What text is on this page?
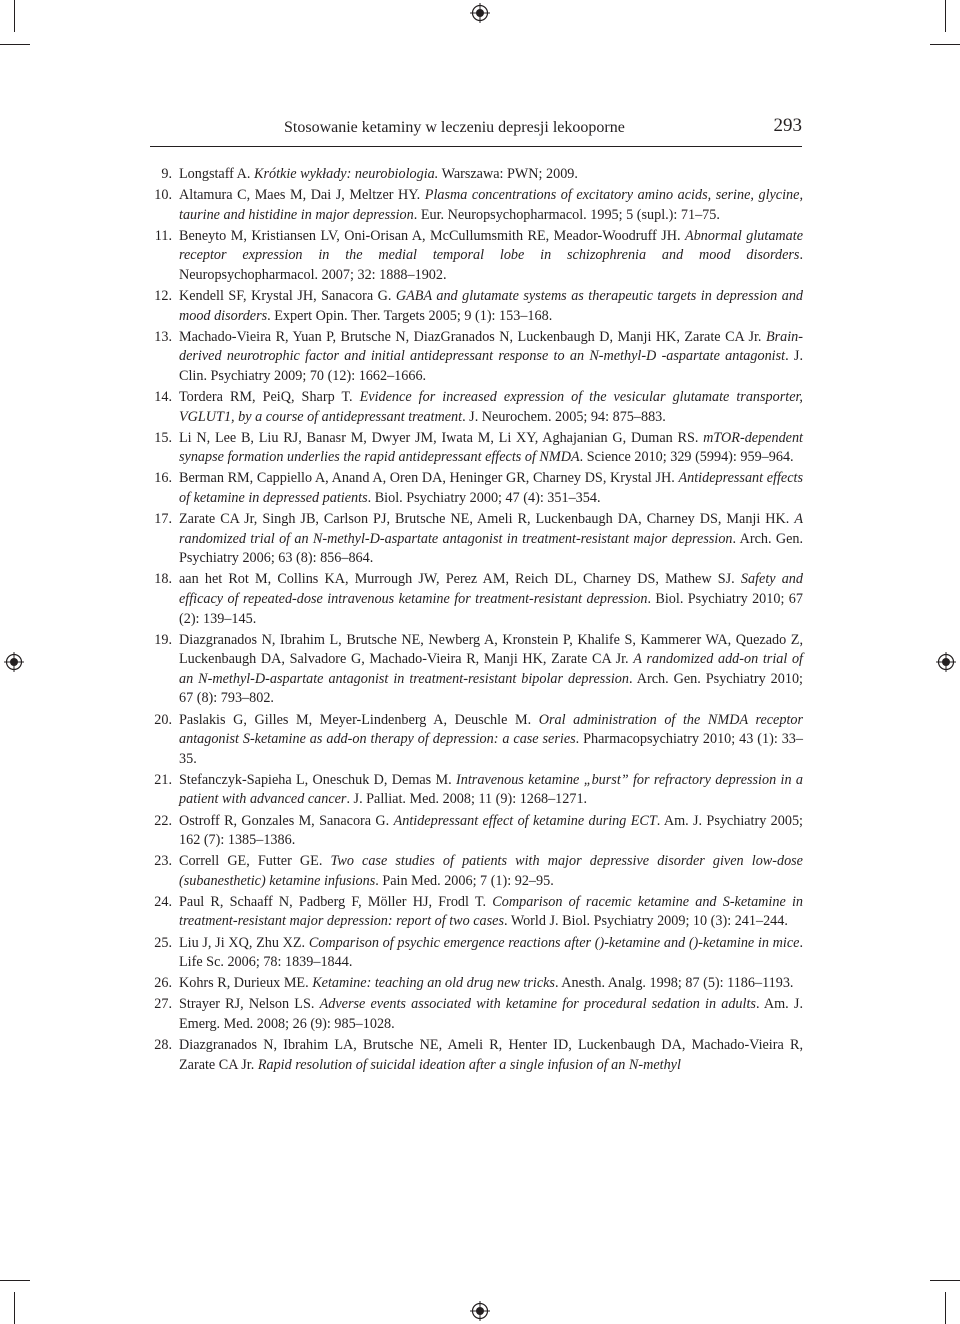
Stosowanie ketaminy w leczeniu depresji lekooporne	293
9. Longstaff A. Krótkie wykłady: neurobiologia. Warszawa: PWN; 2009.
10. Altamura C, Maes M, Dai J, Meltzer HY. Plasma concentrations of excitatory amino acids, serine, glycine, taurine and histidine in major depression. Eur. Neuropsychopharmacol. 1995; 5 (supl.): 71–75.
11. Beneyto M, Kristiansen LV, Oni-Orisan A, McCullumsmith RE, Meador-Woodruff JH. Abnormal glutamate receptor expression in the medial temporal lobe in schizophrenia and mood disorders. Neuropsychopharmacol. 2007; 32: 1888–1902.
12. Kendell SF, Krystal JH, Sanacora G. GABA and glutamate systems as therapeutic targets in depression and mood disorders. Expert Opin. Ther. Targets 2005; 9 (1): 153–168.
13. Machado-Vieira R, Yuan P, Brutsche N, DiazGranados N, Luckenbaugh D, Manji HK, Zarate CA Jr. Brain-derived neurotrophic factor and initial antidepressant response to an N-methyl-D -aspartate antagonist. J. Clin. Psychiatry 2009; 70 (12): 1662–1666.
14. Tordera RM, PeiQ, Sharp T. Evidence for increased expression of the vesicular glutamate transporter, VGLUT1, by a course of antidepressant treatment. J. Neurochem. 2005; 94: 875–883.
15. Li N, Lee B, Liu RJ, Banasr M, Dwyer JM, Iwata M, Li XY, Aghajanian G, Duman RS. mTOR-dependent synapse formation underlies the rapid antidepressant effects of NMDA. Science 2010; 329 (5994): 959–964.
16. Berman RM, Cappiello A, Anand A, Oren DA, Heninger GR, Charney DS, Krystal JH. Antidepressant effects of ketamine in depressed patients. Biol. Psychiatry 2000; 47 (4): 351–354.
17. Zarate CA Jr, Singh JB, Carlson PJ, Brutsche NE, Ameli R, Luckenbaugh DA, Charney DS, Manji HK. A randomized trial of an N-methyl-D-aspartate antagonist in treatment-resistant major depression. Arch. Gen. Psychiatry 2006; 63 (8): 856–864.
18. aan het Rot M, Collins KA, Murrough JW, Perez AM, Reich DL, Charney DS, Mathew SJ. Safety and efficacy of repeated-dose intravenous ketamine for treatment-resistant depression. Biol. Psychiatry 2010; 67 (2): 139–145.
19. Diazgranados N, Ibrahim L, Brutsche NE, Newberg A, Kronstein P, Khalife S, Kammerer WA, Quezado Z, Luckenbaugh DA, Salvadore G, Machado-Vieira R, Manji HK, Zarate CA Jr. A randomized add-on trial of an N-methyl-D-aspartate antagonist in treatment-resistant bipolar depression. Arch. Gen. Psychiatry 2010; 67 (8): 793–802.
20. Paslakis G, Gilles M, Meyer-Lindenberg A, Deuschle M. Oral administration of the NMDA receptor antagonist S-ketamine as add-on therapy of depression: a case series. Pharmacopsychiatry 2010; 43 (1): 33–35.
21. Stefanczyk-Sapieha L, Oneschuk D, Demas M. Intravenous ketamine „burst” for refractory depression in a patient with advanced cancer. J. Palliat. Med. 2008; 11 (9): 1268–1271.
22. Ostroff R, Gonzales M, Sanacora G. Antidepressant effect of ketamine during ECT. Am. J. Psychiatry 2005; 162 (7): 1385–1386.
23. Correll GE, Futter GE. Two case studies of patients with major depressive disorder given low-dose (subanesthetic) ketamine infusions. Pain Med. 2006; 7 (1): 92–95.
24. Paul R, Schaaff N, Padberg F, Möller HJ, Frodl T. Comparison of racemic ketamine and S-ketamine in treatment-resistant major depression: report of two cases. World J. Biol. Psychiatry 2009; 10 (3): 241–244.
25. Liu J, Ji XQ, Zhu XZ. Comparison of psychic emergence reactions after ()-ketamine and ()-ketamine in mice. Life Sc. 2006; 78: 1839–1844.
26. Kohrs R, Durieux ME. Ketamine: teaching an old drug new tricks. Anesth. Analg. 1998; 87 (5): 1186–1193.
27. Strayer RJ, Nelson LS. Adverse events associated with ketamine for procedural sedation in adults. Am. J. Emerg. Med. 2008; 26 (9): 985–1028.
28. Diazgranados N, Ibrahim LA, Brutsche NE, Ameli R, Henter ID, Luckenbaugh DA, Machado-Vieira R, Zarate CA Jr. Rapid resolution of suicidal ideation after a single infusion of an N-methyl
